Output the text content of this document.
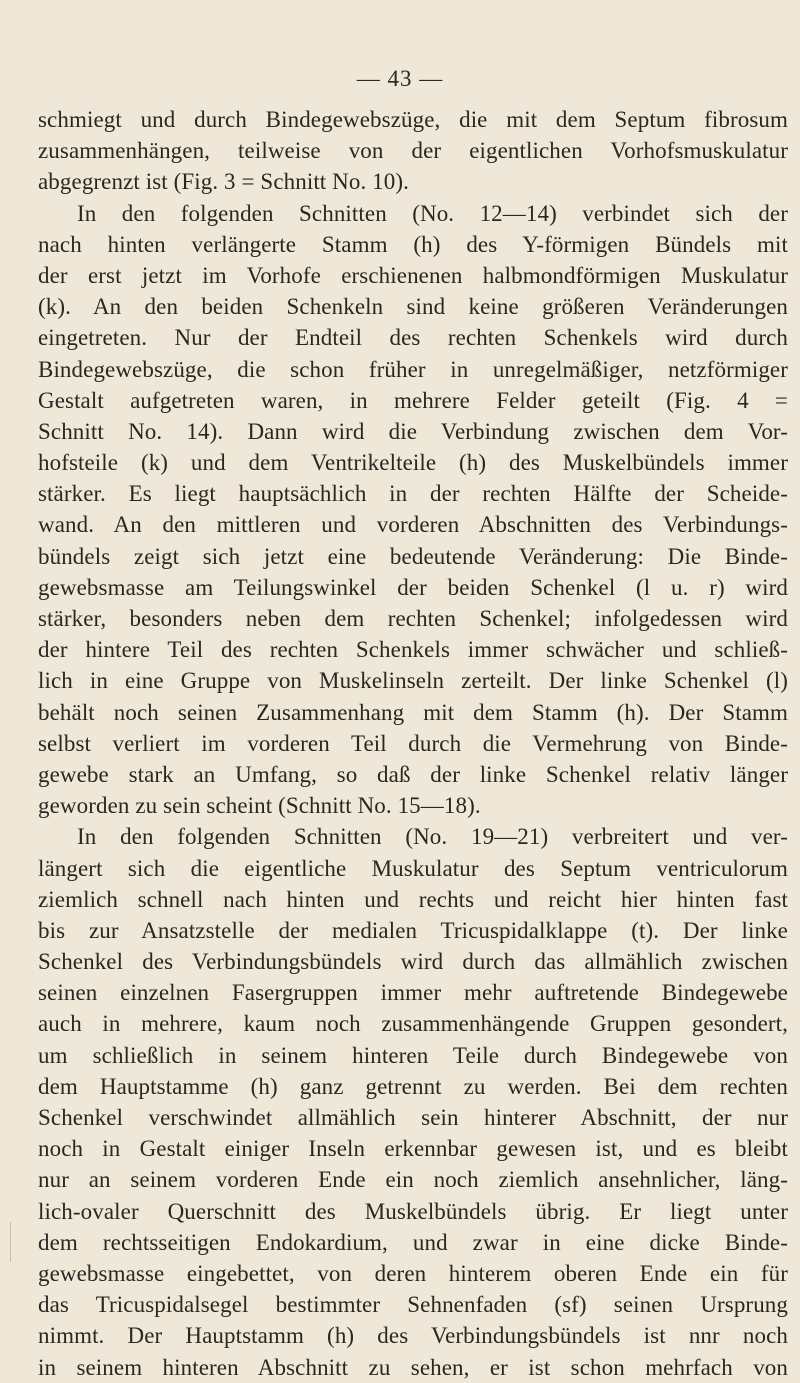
— 43 —
schmiegt und durch Bindegewebszüge, die mit dem Septum fibrosum
zusammenhängen, teilweise von der eigentlichen Vorhofsmuskulatur
abgegrenzt ist (Fig. 3 = Schnitt No. 10).
In den folgenden Schnitten (No. 12—14) verbindet sich der
nach hinten verlängerte Stamm (h) des Y-förmigen Bündels mit
der erst jetzt im Vorhofe erschienenen halbmondförmigen Muskulatur
(k). An den beiden Schenkeln sind keine größeren Veränderungen
eingetreten. Nur der Endteil des rechten Schenkels wird durch
Bindegewebszüge, die schon früher in unregelmäßiger, netzförmiger
Gestalt aufgetreten waren, in mehrere Felder geteilt (Fig. 4 =
Schnitt No. 14). Dann wird die Verbindung zwischen dem Vor-
hofsteile (k) und dem Ventrikelteile (h) des Muskelbündels immer
stärker. Es liegt hauptsächlich in der rechten Hälfte der Scheide-
wand. An den mittleren und vorderen Abschnitten des Verbindungs-
bündels zeigt sich jetzt eine bedeutende Veränderung: Die Binde-
gewebsmasse am Teilungswinkel der beiden Schenkel (l u. r) wird
stärker, besonders neben dem rechten Schenkel; infolgedessen wird
der hintere Teil des rechten Schenkels immer schwächer und schließ-
lich in eine Gruppe von Muskelinseln zerteilt. Der linke Schenkel (l)
behält noch seinen Zusammenhang mit dem Stamm (h). Der Stamm
selbst verliert im vorderen Teil durch die Vermehrung von Binde-
gewebe stark an Umfang, so daß der linke Schenkel relativ länger
geworden zu sein scheint (Schnitt No. 15—18).
In den folgenden Schnitten (No. 19—21) verbreitert und ver-
längert sich die eigentliche Muskulatur des Septum ventriculorum
ziemlich schnell nach hinten und rechts und reicht hier hinten fast
bis zur Ansatzstelle der medialen Tricuspidalklappe (t). Der linke
Schenkel des Verbindungsbündels wird durch das allmählich zwischen
seinen einzelnen Fasergruppen immer mehr auftretende Bindegewebe
auch in mehrere, kaum noch zusammenhängende Gruppen gesondert,
um schließlich in seinem hinteren Teile durch Bindegewebe von
dem Hauptstamme (h) ganz getrennt zu werden. Bei dem rechten
Schenkel verschwindet allmählich sein hinterer Abschnitt, der nur
noch in Gestalt einiger Inseln erkennbar gewesen ist, und es bleibt
nur an seinem vorderen Ende ein noch ziemlich ansehnlicher, läng-
lich-ovaler Querschnitt des Muskelbündels übrig. Er liegt unter
dem rechtsseitigen Endokardium, und zwar in eine dicke Binde-
gewebsmasse eingebettet, von deren hinterem oberen Ende ein für
das Tricuspidalsegel bestimmter Sehnenfaden (sf) seinen Ursprung
nimmt. Der Hauptstamm (h) des Verbindungsbündels ist nnr noch
in seinem hinteren Abschnitt zu sehen, er ist schon mehrfach von
